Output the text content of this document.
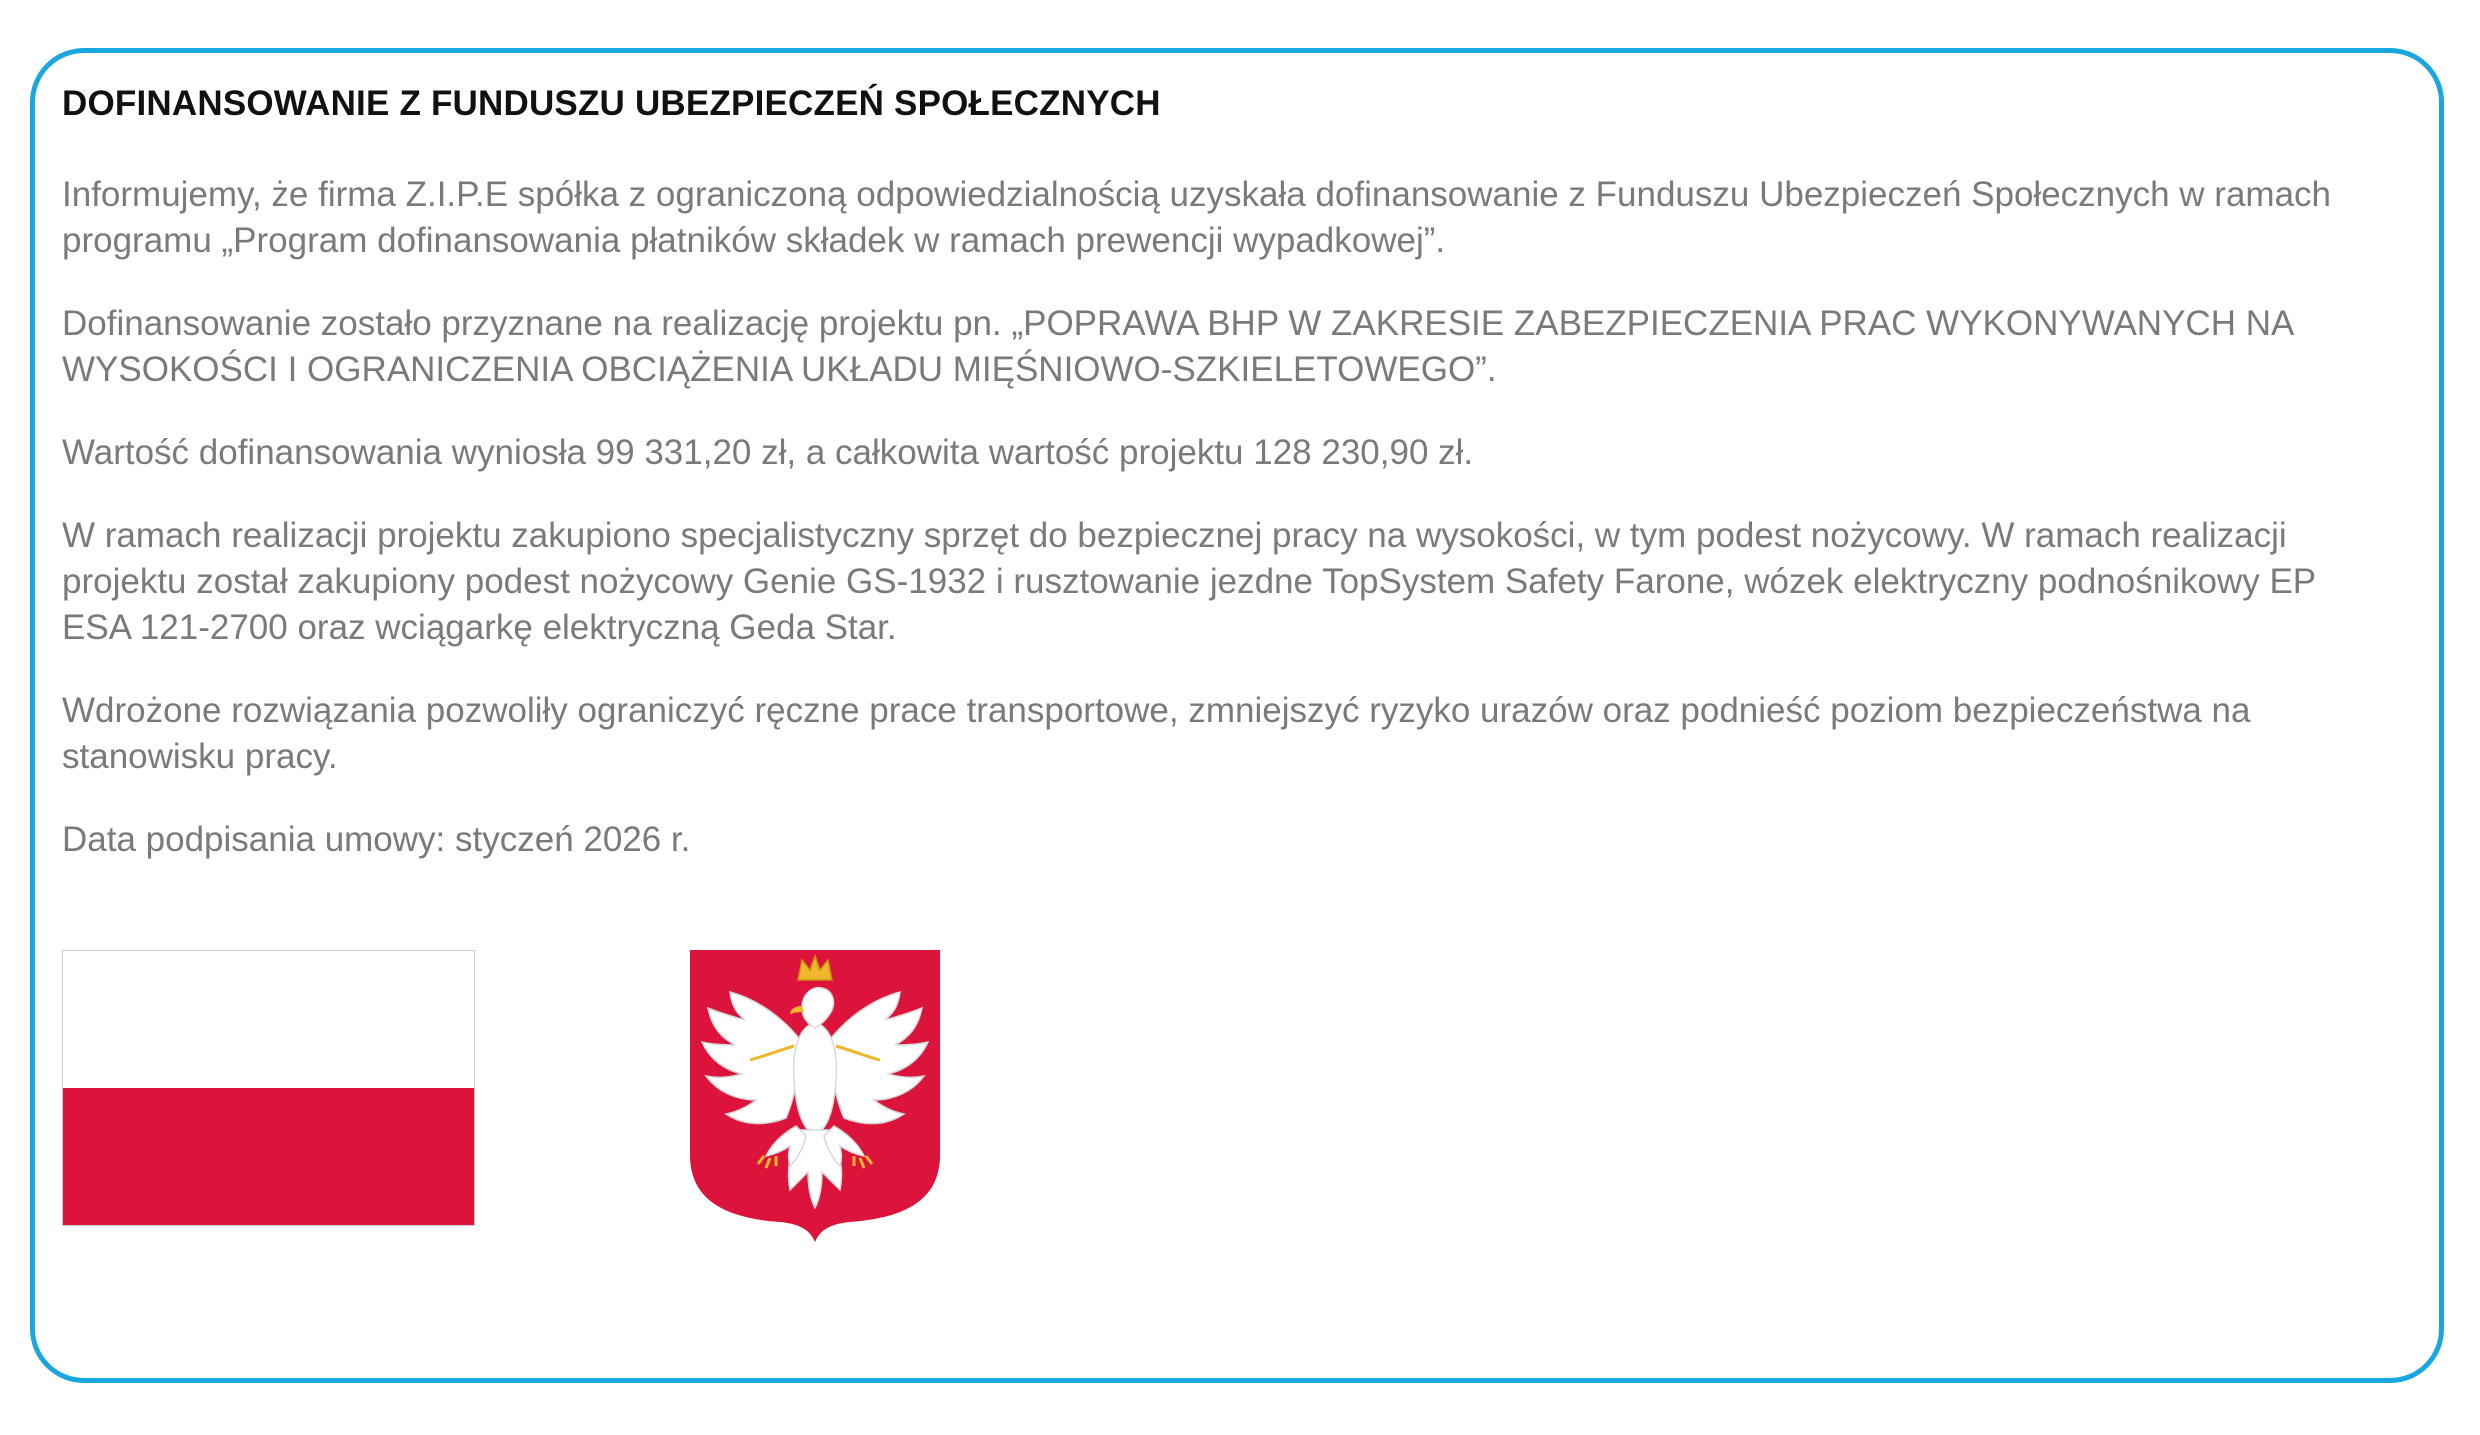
DOFINANSOWANIE Z FUNDUSZU UBEZPIECZEŃ SPOŁECZNYCH

Informujemy, że firma Z.I.P.E spółka z ograniczoną odpowiedzialnością uzyskała dofinansowanie z Funduszu Ubezpieczeń Społecznych w ramach programu „Program dofinansowania płatników składek w ramach prewencji wypadkowej”.

Dofinansowanie zostało przyznane na realizację projektu pn. „POPRAWA BHP W ZAKRESIE ZABEZPIECZENIA PRAC WYKONYWANYCH NA WYSOKOŚCI I OGRANICZENIA OBCIĄŻENIA UKŁADU MIĘŚNIOWO-SZKIELETOWEGO”.

Wartość dofinansowania wyniosła 99 331,20 zł, a całkowita wartość projektu 128 230,90 zł.

W ramach realizacji projektu zakupiono specjalistyczny sprzęt do bezpiecznej pracy na wysokości, w tym podest nożycowy. W ramach realizacji projektu został zakupiony podest nożycowy Genie GS-1932 i rusztowanie jezdne TopSystem Safety Farone, wózek elektryczny podnośnikowy EP ESA 121-2700 oraz wciągarkę elektryczną Geda Star.

Wdrożone rozwiązania pozwoliły ograniczyć ręczne prace transportowe, zmniejszyć ryzyko urazów oraz podnieść poziom bezpieczeństwa na stanowisku pracy.

Data podpisania umowy: styczeń 2026 r.
